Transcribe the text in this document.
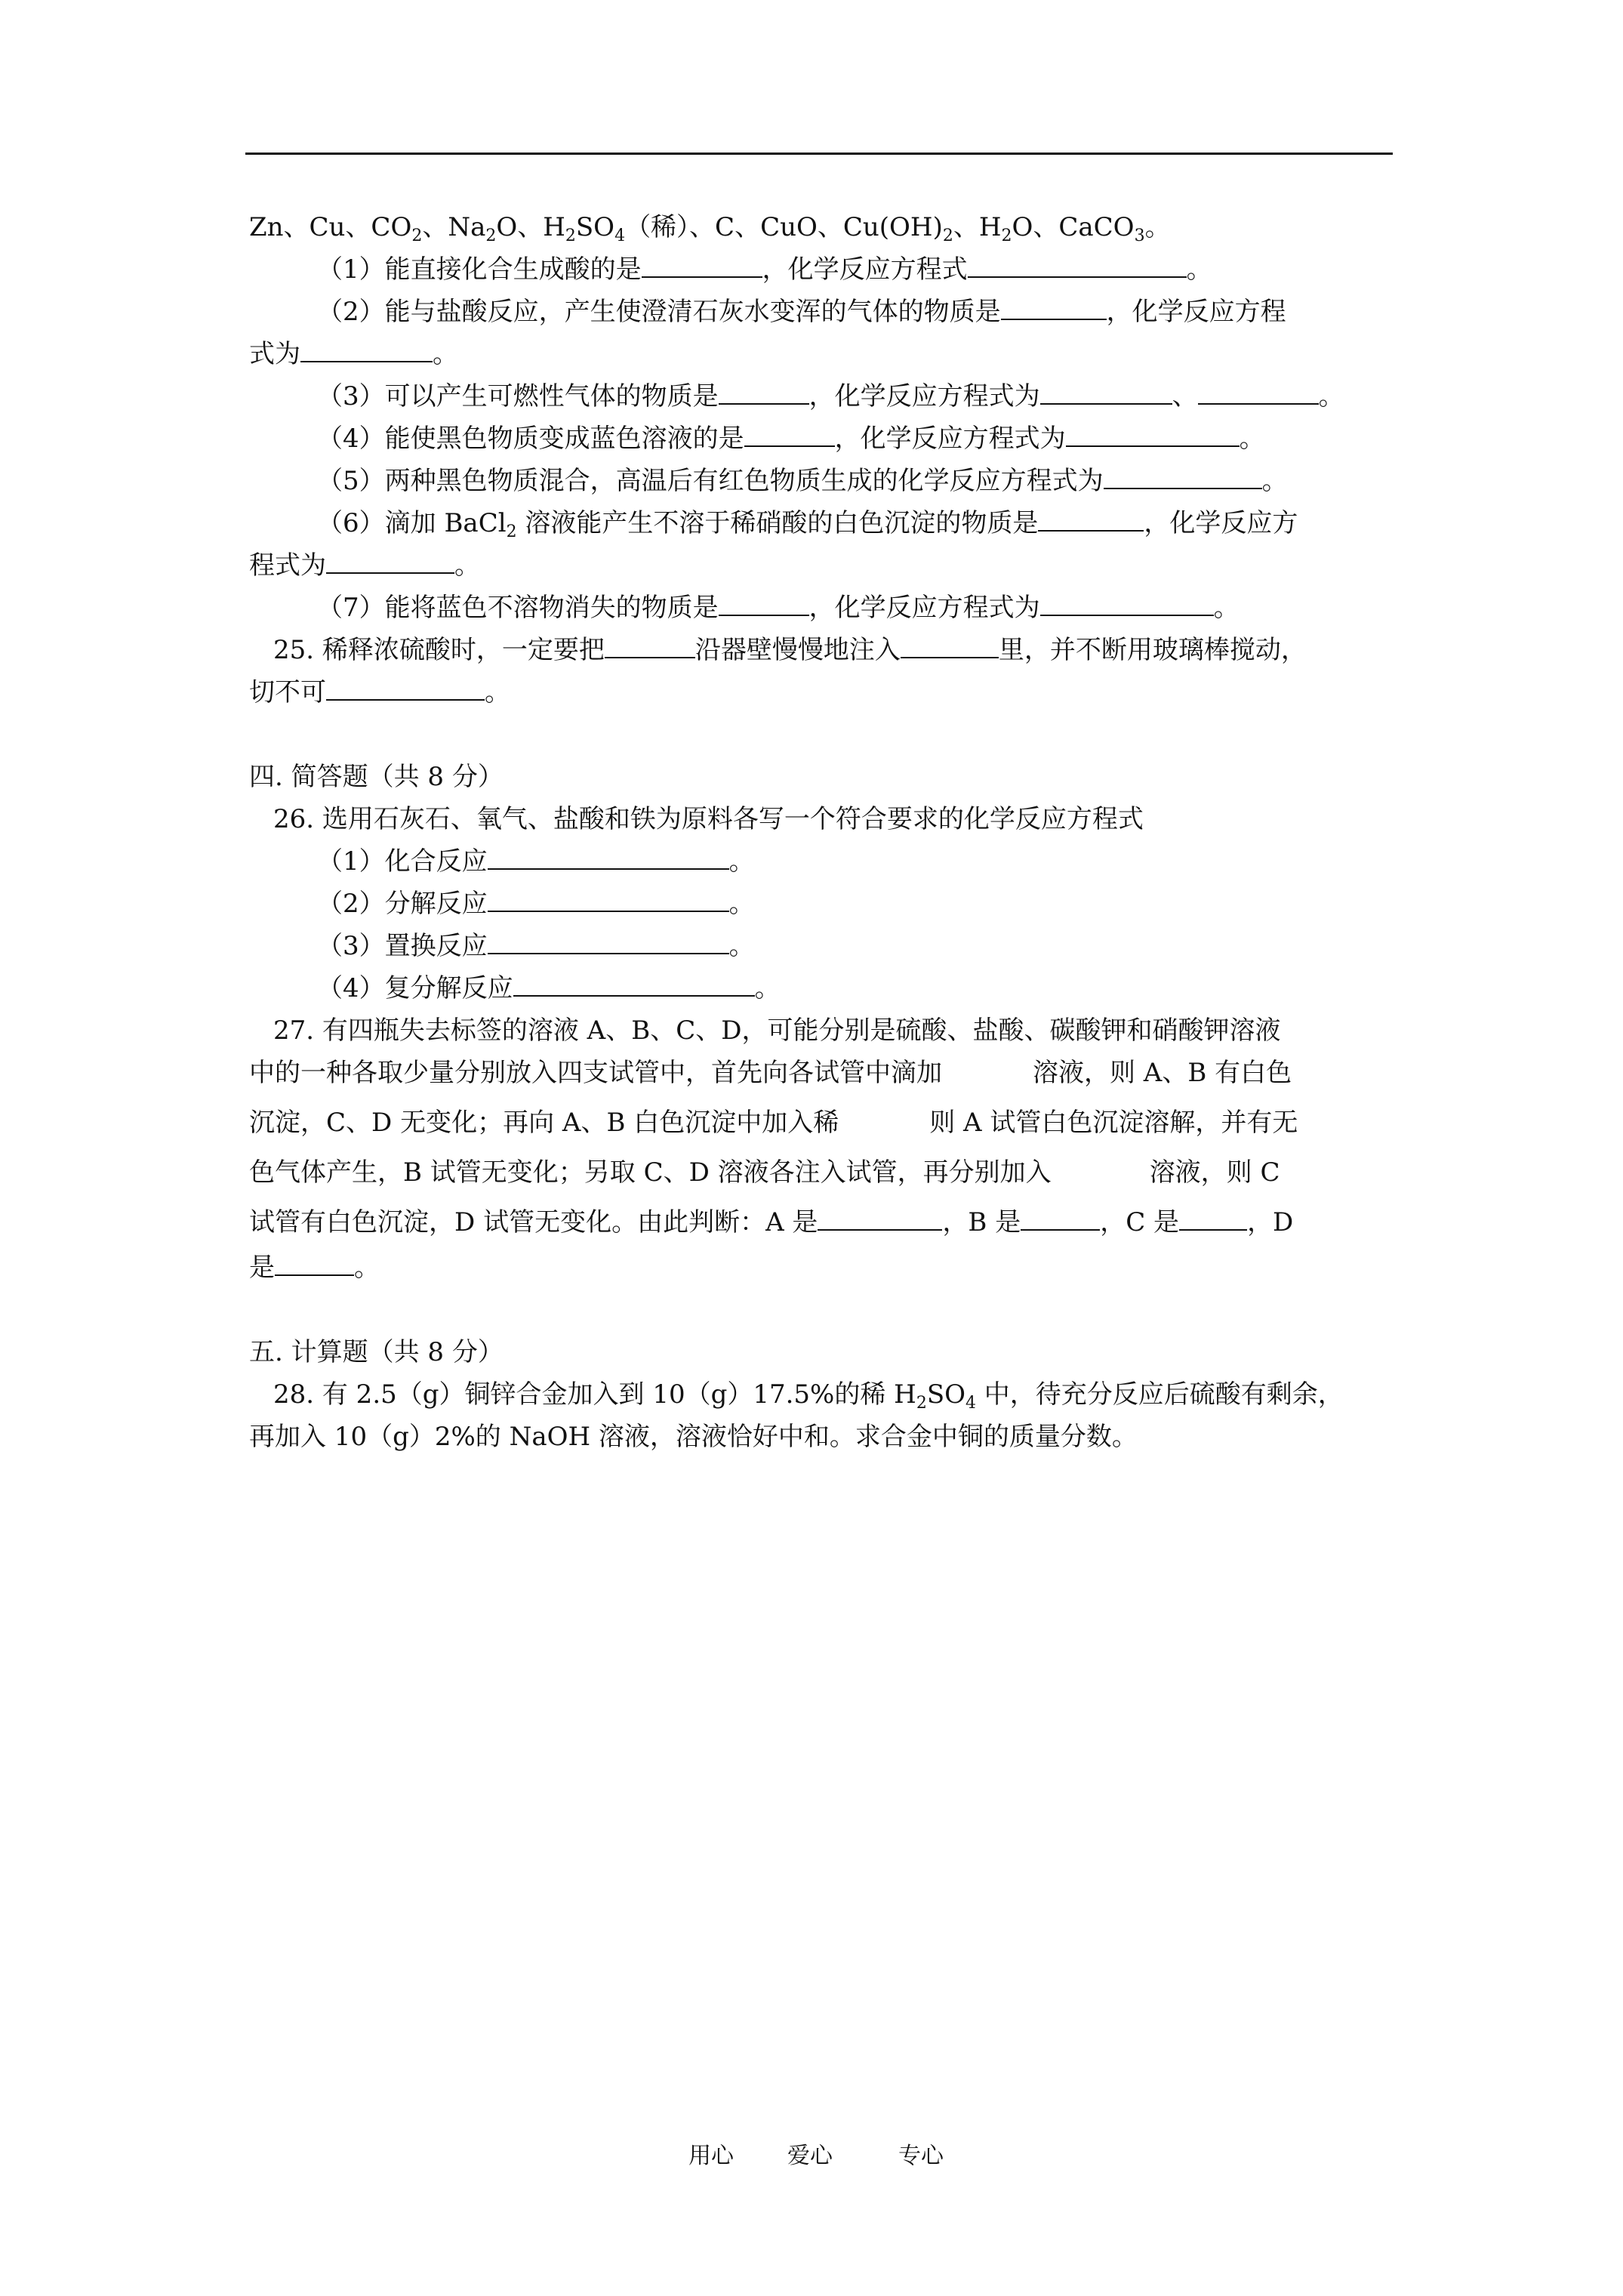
Zn、Cu、$CO_2$、$Na_2O$、$H_2SO_4$（稀）、C、CuO、$Cu(OH)_2$、$H_2O$、CaCO$_3$。
（1）能直接化合生成酸的是	，化学反应方程式	。
（2）能与盐酸反应，产生使澄清石灰水变浑的气体的物质是	，化学反应方程
式为	。
（3）可以产生可燃性气体的物质是	，化学反应方程式为	、	。
（4）能使黑色物质变成蓝色溶液的是	，化学反应方程式为	。
（5）两种黑色物质混合，高温后有红色物质生成的化学反应方程式为	。
（6）滴加 BaCl$_2$ 溶液能产生不溶于稀硝酸的白色沉淀的物质是	，化学反应方
程式为	。
（7）能将蓝色不溶物消失的物质是	，化学反应方程式为	。
25. 稀释浓硫酸时，一定要把	沿器壁慢慢地注入	里，并不断用玻璃棒搅动，
切不可	。
四. 简答题（共 8 分）
26. 选用石灰石、氧气、盐酸和铁为原料各写一个符合要求的化学反应方程式
（1）化合反应	。
（2）分解反应	。
（3）置换反应	。
（4）复分解反应	。
27. 有四瓶失去标签的溶液 A、B、C、D，可能分别是硫酸、盐酸、碳酸钾和硝酸钾溶液
中的一种各取少量分别放入四支试管中，首先向各试管中滴加	溶液，则 A、B 有白色
沉淀，C、D 无变化；再向 A、B 白色沉淀中加入稀	则 A 试管白色沉淀溶解，并有无
色气体产生，B 试管无变化；另取 C、D 溶液各注入试管，再分别加入	溶液，则 C
试管有白色沉淀，D 试管无变化。由此判断：A 是	，B 是	，C 是	，D
是	。
五. 计算题（共 8 分）
28. 有 2.5（g）铜锌合金加入到 10（g）17.5%的稀 $H_2SO_4$ 中，待充分反应后硫酸有剩余，
再加入 10（g）2%的 NaOH 溶液，溶液恰好中和。求合金中铜的质量分数。
用心 爱心	专心
